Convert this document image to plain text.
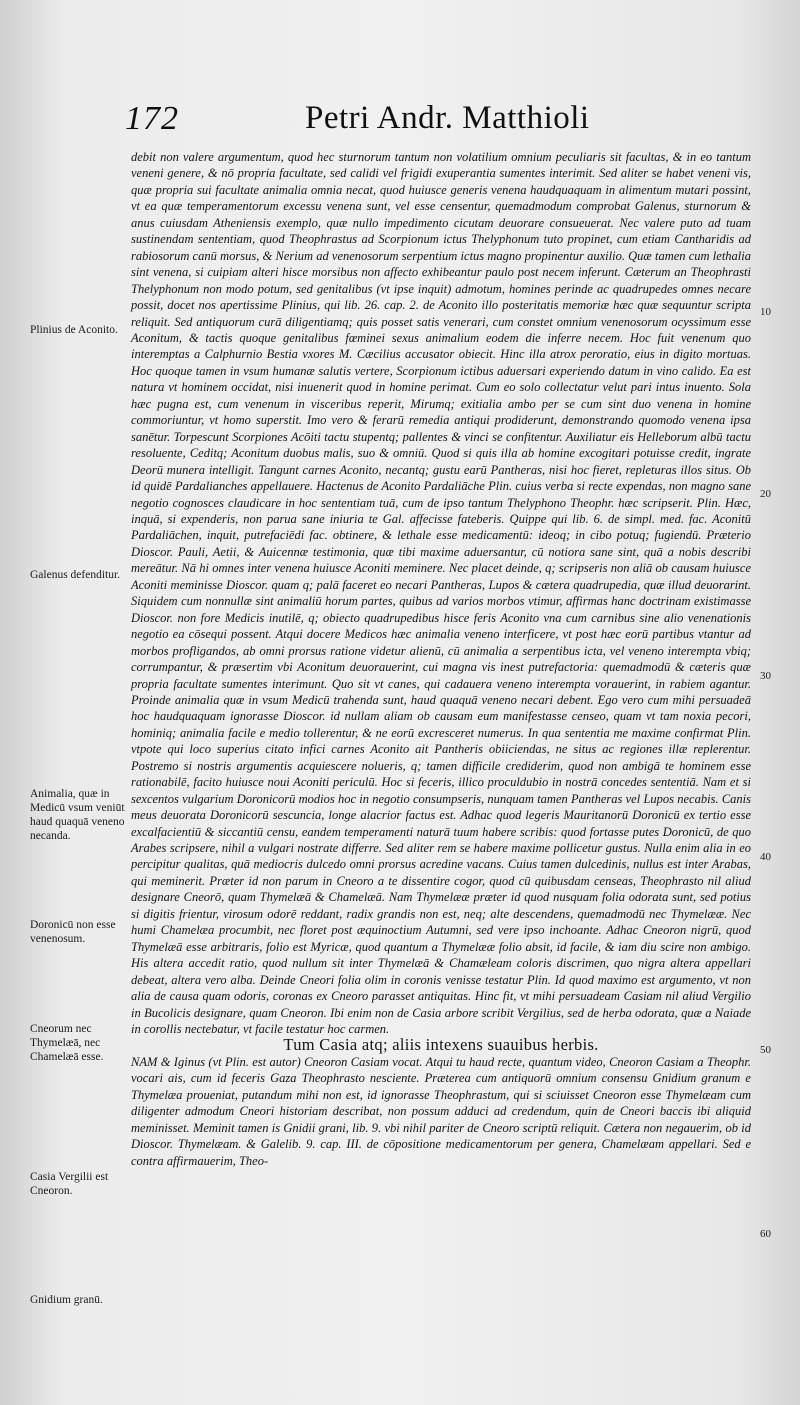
172	Petri Andr. Matthioli

debit non valere argumentum, quod hec sturnorum tantum non volatilium omnium peculiaris sit facultas, & in eo tantum veneni genere, & nō propria facultate, sed calidi vel frigidi exuperantia sumentes interimit. Sed aliter se habet veneni vis, quæ propria sui facultate animalia omnia necat, quod huiusce generis venena haudquaquam in alimentum mutari possint, vt ea quæ temperamentorum excessu venena sunt, vel esse censentur, quemadmodum comprobat Galenus, sturnorum & anus cuiusdam Atheniensis exemplo, quæ nullo impedimento cicutam deuorare consueuerat. Nec valere puto ad tuam sustinendam sententiam, quod Theophrastus ad Scorpionum ictus Thelyphonum tuto propinet, cum etiam Cantharidis ad rabiosorum canū morsus, & Nerium ad venenosorum serpentium ictus magno propinentur auxilio. Quæ tamen cum lethalia sint venena, si cuipiam alteri hisce morsibus non affecto exhibeantur paulo post necem inferunt. Cæterum an Theophrasti Thelyphonum non modo potum, sed genitalibus (vt ipse inquit) admotum, homines perinde ac quadrupedes omnes necare possit, docet nos apertissime Plinius, qui lib. 26. cap. 2. de Aconito illo posteritatis memoriæ hæc quæ sequuntur scripta reliquit. Sed antiquorum curā diligentiamq; quis posset satis venerari, cum constet omnium venenosorum ocyssimum esse Aconitum, & tactis quoque genitalibus fœminei sexus animalium eodem die inferre necem. Hoc fuit venenum quo interemptas a Calphurnio Bestia vxores M. Cæcilius accusator obiecit. Hinc illa atrox peroratio, eius in digito mortuas. Hoc quoque tamen in vsum humanæ salutis vertere, Scorpionum ictibus aduersari experiendo datum in vino calido. Ea est natura vt hominem occidat, nisi inuenerit quod in homine perimat. Cum eo solo collectatur velut pari intus inuento. Sola hæc pugna est, cum venenum in visceribus reperit, Mirumq; exitialia ambo per se cum sint duo venena in homine commoriuntur, vt homo superstit. Imo vero & ferarū remedia antiqui prodiderunt, demonstrando quomodo venena ipsa sanētur. Torpescunt Scorpiones Acōiti tactu stupentq; pallentes & vinci se confitentur. Auxiliatur eis Helleborum albū tactu resoluente, Ceditq; Aconitum duobus malis, suo & omniū. Quod si quis illa ab homine excogitari potuisse credit, ingrate Deorū munera intelligit. Tangunt carnes Aconito, necantq; gustu earū Pantheras, nisi hoc fieret, repleturas illos situs. Ob id quidē Pardalianches appellauere. Hactenus de Aconito Pardaliāche Plin. cuius verba si recte expendas, non magno sane negotio cognosces claudicare in hoc sententiam tuā, cum de ipso tantum Thelyphono Theophr. hæc scripserit. Plin. Hæc, inquā, si expenderis, non parua sane iniuria te Gal. affecisse fateberis. Quippe qui lib. 6. de simpl. med. fac. Aconitū Pardaliāchen, inquit, putrefaciēdi fac. obtinere, & lethale esse medicamentū: ideoq; in cibo potuq; fugiendū. Præterio Dioscor. Pauli, Aetii, & Auicennæ testimonia, quæ tibi maxime aduersantur, cū notiora sane sint, quā a nobis describi mereātur. Nā hi omnes inter venena huiusce Aconiti meminere. Nec placet deinde, q; scripseris non aliā ob causam huiusce Aconiti meminisse Dioscor. quam q; palā faceret eo necari Pantheras, Lupos & cætera quadrupedia, quæ illud deuorarint. Siquidem cum nonnullæ sint animaliū horum partes, quibus ad varios morbos vtimur, affirmas hanc doctrinam existimasse Dioscor. non fore Medicis inutilē, q; obiecto quadrupedibus hisce feris Aconito vna cum carnibus sine alio venenationis negotio ea cōsequi possent. Atqui docere Medicos hæc animalia veneno interficere, vt post hæc eorū partibus vtantur ad morbos profligandos, ab omni prorsus ratione videtur alienū, cū animalia a serpentibus icta, vel veneno interempta vbiq; corrumpantur, & præsertim vbi Aconitum deuorauerint, cui magna vis inest putrefactoria: quemadmodū & cæteris quæ propria facultate sumentes interimunt. Quo sit vt canes, qui cadauera veneno interempta vorauerint, in rabiem agantur. Proinde animalia quæ in vsum Medicū trahenda sunt, haud quaquā veneno necari debent. Ego vero cum mihi persuadeā hoc haudquaquam ignorasse Dioscor. id nullam aliam ob causam eum manifestasse censeo, quam vt tam noxia pecori, hominiq; animalia facile e medio tollerentur, & ne eorū excresceret numerus. In qua sententia me maxime confirmat Plin. vtpote qui loco superius citato infici carnes Aconito ait Pantheris obiiciendas, ne situs ac regiones illæ replerentur. Postremo si nostris argumentis acquiescere nolueris, q; tamen difficile crediderim, quod non ambigā te hominem esse rationabilē, facito huiusce noui Aconiti periculū. Hoc si feceris, illico proculdubio in nostrā concedes sententiā. Nam et si sexcentos vulgarium Doronicorū modios hoc in negotio consumpseris, nunquam tamen Pantheras vel Lupos necabis. Canis meus deuorata Doronicorū sescuncia, longe alacrior factus est. Adhac quod legeris Mauritanorū Doronicū ex tertio esse excalfacientiū & siccantiū censu, eandem temperamenti naturā tuum habere scribis: quod fortasse putes Doronicū, de quo Arabes scripsere, nihil a vulgari nostrate differre. Sed aliter rem se habere maxime pollicetur gustus. Nulla enim alia in eo percipitur qualitas, quā mediocris dulcedo omni prorsus acredine vacans. Cuius tamen dulcedinis, nullus est inter Arabas, qui meminerit. Præter id non parum in Cneoro a te dissentire cogor, quod cū quibusdam censeas, Theophrasto nil aliud designare Cneorō, quam Thymelæā & Chamelæā. Nam Thymelææ præter id quod nusquam folia odorata sunt, sed potius si digitis frientur, virosum odorē reddant, radix grandis non est, neq; alte descendens, quemadmodū nec Thymelææ. Nec humi Chamelæa procumbit, nec floret post æquinoctium Autumni, sed vere ipso inchoante. Adhac Cneoron nigrū, quod Thymelæā esse arbitraris, folio est Myricæ, quod quantum a Thymelææ folio absit, id facile, & iam diu scire non ambigo. His altera accedit ratio, quod nullum sit inter Thymelæā & Chamæleam coloris discrimen, quo nigra altera appellari debeat, altera vero alba. Deinde Cneori folia olim in coronis venisse testatur Plin. Id quod maximo est argumento, vt non alia de causa quam odoris, coronas ex Cneoro parasset antiquitas. Hinc fit, vt mihi persuadeam Casiam nil aliud Vergilio in Bucolicis designare, quam Cneoron. Ibi enim non de Casia arbore scribit Vergilius, sed de herba odorata, quæ a Naiade in corollis nectebatur, vt facile testatur hoc carmen.

Tum Casia atq; aliis intexens suauibus herbis.

NAM & Iginus (vt Plin. est autor) Cneoron Casiam vocat. Atqui tu haud recte, quantum video, Cneoron Casiam a Theophr. vocari ais, cum id feceris Gaza Theophrasto nesciente. Præterea cum antiquorū omnium consensu Gnidium granum e Thymelæa proueniat, putandum mihi non est, id ignorasse Theophrastum, qui si sciuisset Cneoron esse Thymelæam cum diligenter admodum Cneori historiam describat, non possum adduci ad credendum, quin de Cneori baccis ibi aliquid meminisset. Meminit tamen is Gnidii grani, lib. 9. vbi nihil pariter de Cneoro scriptū reliquit. Cætera non negauerim, ob id Dioscor. Thymelæam. & Galelib. 9. cap. III. de cōpositione medicamentorum per genera, Chamelæam appellari. Sed e contra affirmauerim, Theo-

Plinius de Aconito.
Galenus defenditur.
Animalia, quæ in Medicū vsum veniūt haud quaquā veneno necanda.
Doronicū non esse venenosum.
Cneorum nec Thymelæā, nec Chamelæā esse.
Casia Vergilii est Cneoron.
Gnidium granū.
10
20
30
40
50
60
